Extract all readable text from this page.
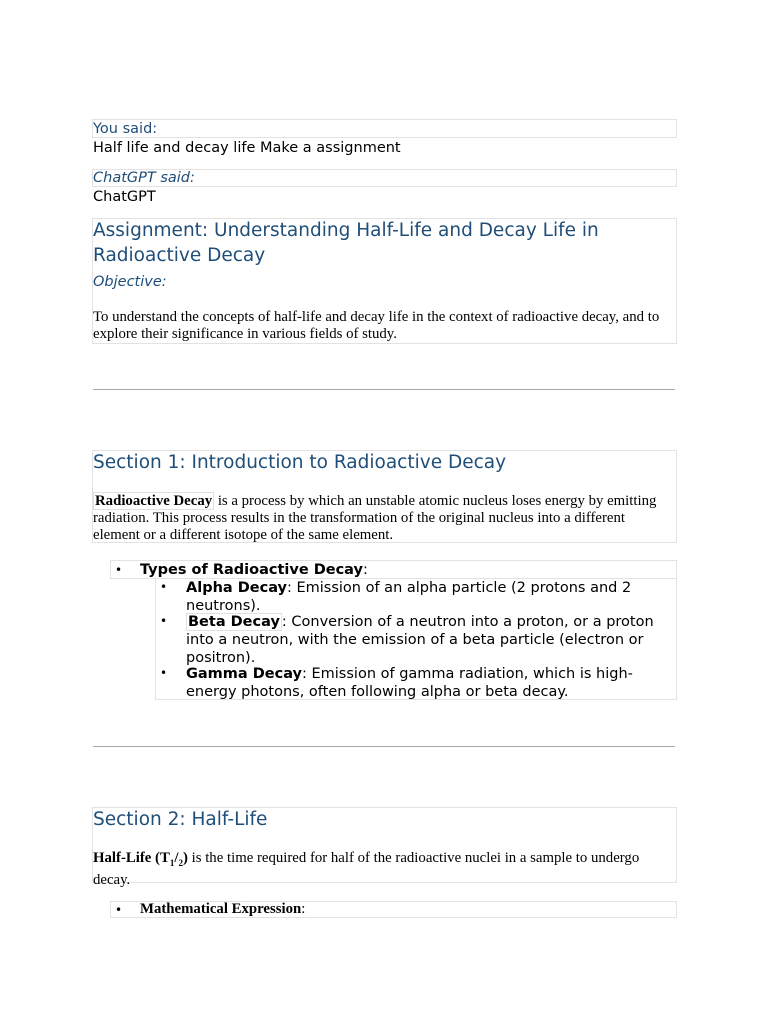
You said:
Half life and decay life Make a assignment
ChatGPT said:
ChatGPT
Assignment: Understanding Half-Life and Decay Life in Radioactive Decay
Objective:

To understand the concepts of half-life and decay life in the context of radioactive decay, and to explore their significance in various fields of study.

Section 1: Introduction to Radioactive Decay

Radioactive Decay is a process by which an unstable atomic nucleus loses energy by emitting radiation. This process results in the transformation of the original nucleus into a different element or a different isotope of the same element.

• Types of Radioactive Decay:
• Alpha Decay: Emission of an alpha particle (2 protons and 2 neutrons).
• Beta Decay : Conversion of a neutron into a proton, or a proton into a neutron, with the emission of a beta particle (electron or positron).
• Gamma Decay: Emission of gamma radiation, which is high-energy photons, often following alpha or beta decay.
Section 2: Half-Life

Half-Life $(T_1/_2)$ is the time required for half of the radioactive nuclei in a sample to undergo decay.

• Mathematical Expression:
